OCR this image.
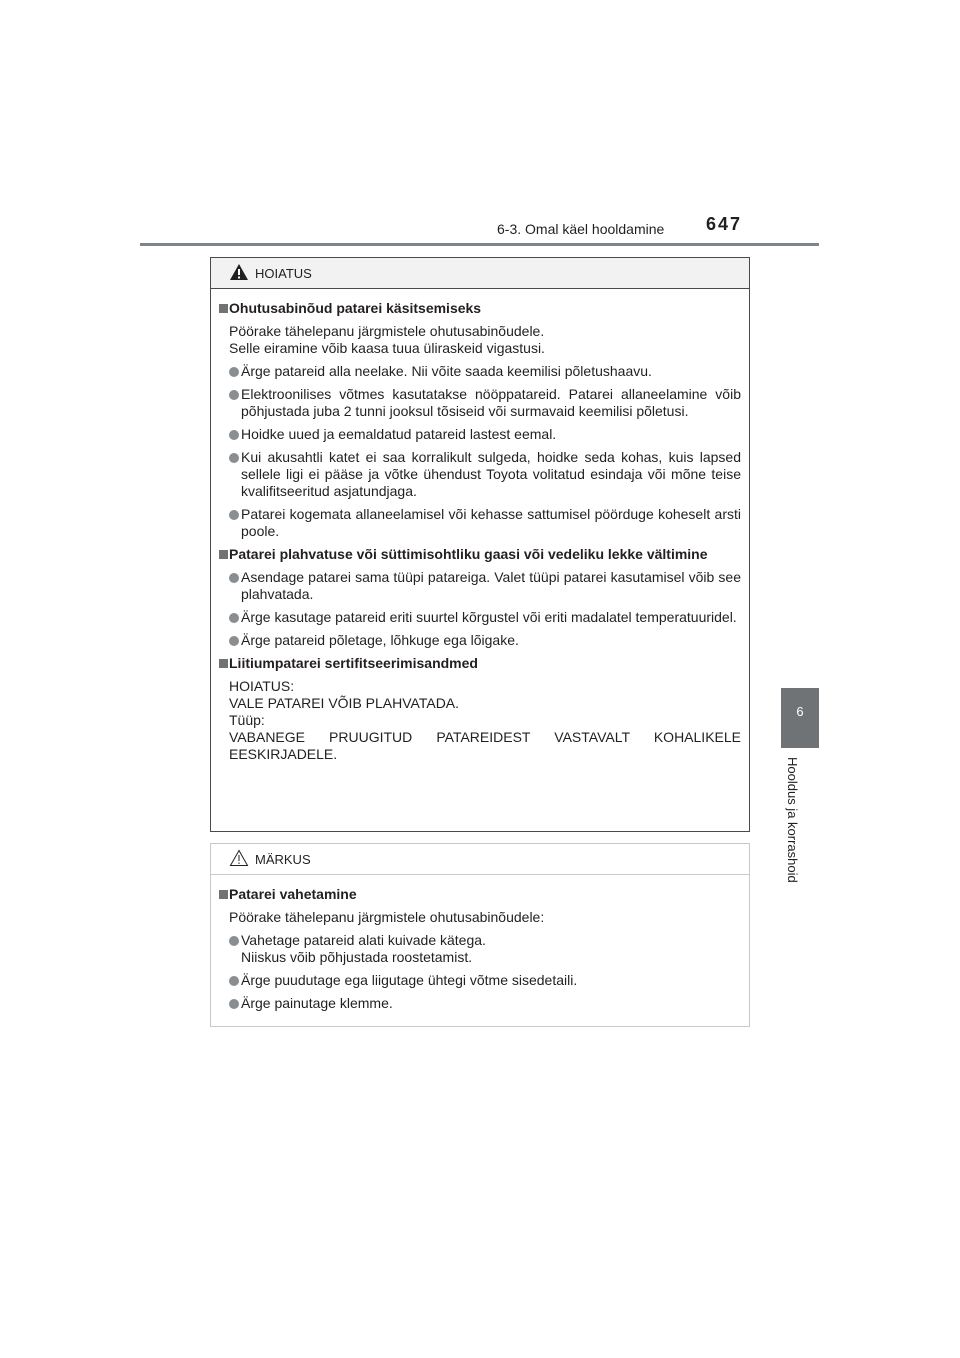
6-3. Omal käel hooldamine 647
6
Hooldus ja korrashoid
HOIATUS
Ohutusabinõud patarei käsitsemiseks
Pöörake tähelepanu järgmistele ohutusabinõudele.
Selle eiramine võib kaasa tuua üliraskeid vigastusi.
Ärge patareid alla neelake. Nii võite saada keemilisi põletushaavu.
Elektroonilises võtmes kasutatakse nööppatareid. Patarei allaneelamine võib põhjustada juba 2 tunni jooksul tõsiseid või surmavaid keemilisi põletusi.
Hoidke uued ja eemaldatud patareid lastest eemal.
Kui akusahtli katet ei saa korralikult sulgeda, hoidke seda kohas, kuis lapsed sellele ligi ei pääse ja võtke ühendust Toyota volitatud esindaja või mõne teise kvalifitseeritud asjatundjaga.
Patarei kogemata allaneelamisel või kehasse sattumisel pöörduge koheselt arsti poole.
Patarei plahvatuse või süttimisohtliku gaasi või vedeliku lekke vältimine
Asendage patarei sama tüüpi patareiga. Valet tüüpi patarei kasutamisel võib see plahvatada.
Ärge kasutage patareid eriti suurtel kõrgustel või eriti madalatel temperatuuridel.
Ärge patareid põletage, lõhkuge ega lõigake.
Liitiumpatarei sertifitseerimisandmed
HOIATUS:
VALE PATAREI VÕIB PLAHVATADA.
Tüüp:
VABANEGE PRUUGITUD PATAREIDEST VASTAVALT KOHALIKELE
EESKIRJADELE.
MÄRKUS
Patarei vahetamine
Pöörake tähelepanu järgmistele ohutusabinõudele:
Vahetage patareid alati kuivade kätega.
Niiskus võib põhjustada roostetamist.
Ärge puudutage ega liigutage ühtegi võtme sisedetaili.
Ärge painutage klemme.
